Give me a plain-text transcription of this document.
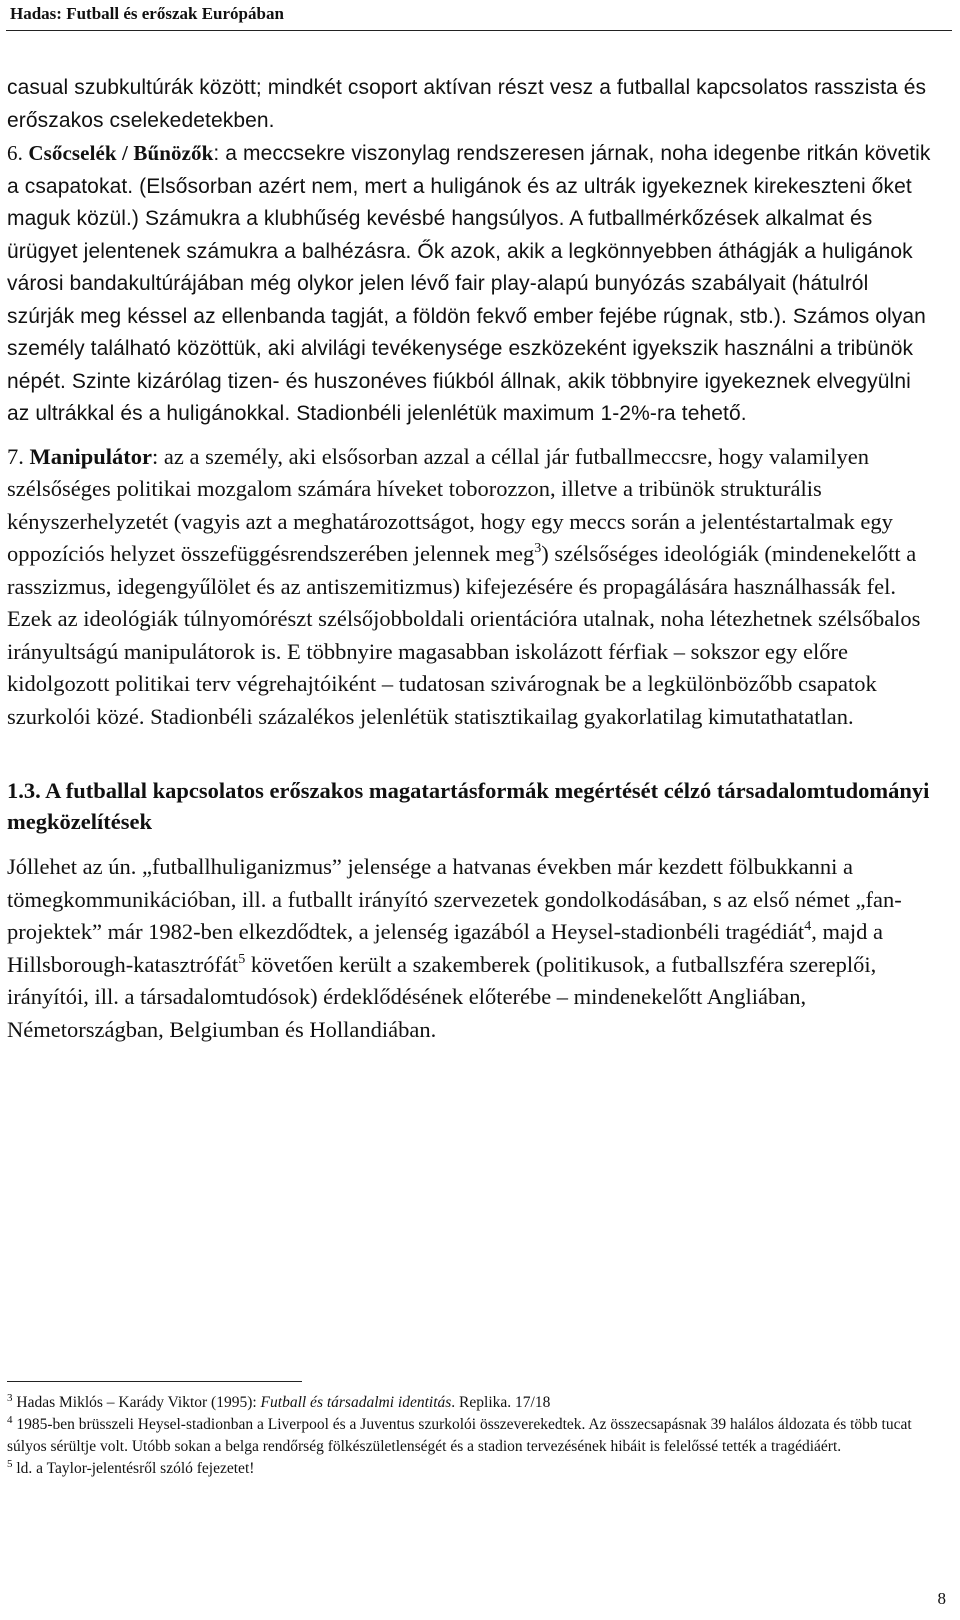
Hadas: Futball és erőszak Európában

casual szubkultúrák között; mindkét csoport aktívan részt vesz a futballal kapcsolatos rasszista és erőszakos cselekedetekben.

6. Csőcselék / Bűnözők: a meccsekre viszonylag rendszeresen járnak, noha idegenbe ritkán követik a csapatokat. (Elsősorban azért nem, mert a huligánok és az ultrák igyekeznek kirekeszteni őket maguk közül.) Számukra a klubhűség kevésbé hangsúlyos. A futballmérkőzések alkalmat és ürügyet jelentenek számukra a balhézásra. Ők azok, akik a legkönnyebben áthágják a huligánok városi bandakultúrájában még olykor jelen lévő fair play-alapú bunyózás szabályait (hátulról szúrják meg késsel az ellenbanda tagját, a földön fekvő ember fejébe rúgnak, stb.). Számos olyan személy található közöttük, aki alvilági tevékenysége eszközeként igyekszik használni a tribünök népét. Szinte kizárólag tizen- és huszonéves fiúkból állnak, akik többnyire igyekeznek elvegyülni az ultrákkal és a huligánokkal. Stadionbéli jelenlétük maximum 1-2%-ra tehető.

7. Manipulátor: az a személy, aki elsősorban azzal a céllal jár futballmeccsre, hogy valamilyen szélsőséges politikai mozgalom számára híveket toborozzon, illetve a tribünök strukturális kényszerhelyzetét (vagyis azt a meghatározottságot, hogy egy meccs során a jelentéstartalmak egy oppozíciós helyzet összefüggésrendszerében jelennek meg$^3$) szélsőséges ideológiák (mindenekelőtt a rasszizmus, idegengyűlölet és az antiszemitizmus) kifejezésére és propagálására használhassák fel. Ezek az ideológiák túlnyomórészt szélsőjobboldali orientációra utalnak, noha létezhetnek szélsőbalos irányultságú manipulátorok is. E többnyire magasabban iskolázott férfiak – sokszor egy előre kidolgozott politikai terv végrehajtóiként – tudatosan szivárognak be a legkülönbözőbb csapatok szurkolói közé. Stadionbéli százalékos jelenlétük statisztikailag gyakorlatilag kimutathatatlan.

1.3. A futballal kapcsolatos erőszakos magatartásformák megértését célzó társadalomtudományi megközelítések

Jóllehet az ún. „futballhuliganizmus” jelensége a hatvanas években már kezdett fölbukkanni a tömegkommunikációban, ill. a futballt irányító szervezetek gondolkodásában, s az első német „fan-projektek” már 1982-ben elkezdődtek, a jelenség igazából a Heysel-stadionbéli tragédiát$^4$, majd a Hillsborough-katasztrófát$^5$ követően került a szakemberek (politikusok, a futballszféra szereplői, irányítói, ill. a társadalomtudósok) érdeklődésének előterébe – mindenekelőtt Angliában, Németországban, Belgiumban és Hollandiában.

$^3$ Hadas Miklós – Karády Viktor (1995): Futball és társadalmi identitás. Replika. 17/18
$^4$ 1985-ben brüsszeli Heysel-stadionban a Liverpool és a Juventus szurkolói összeverekedtek. Az összecsapásnak 39 halálos áldozata és több tucat súlyos sérültje volt. Utóbb sokan a belga rendőrség fölkészületlenségét és a stadion tervezésének hibáit is felelőssé tették a tragédiáért.
$^5$ ld. a Taylor-jelentésről szóló fejezetet!
8
